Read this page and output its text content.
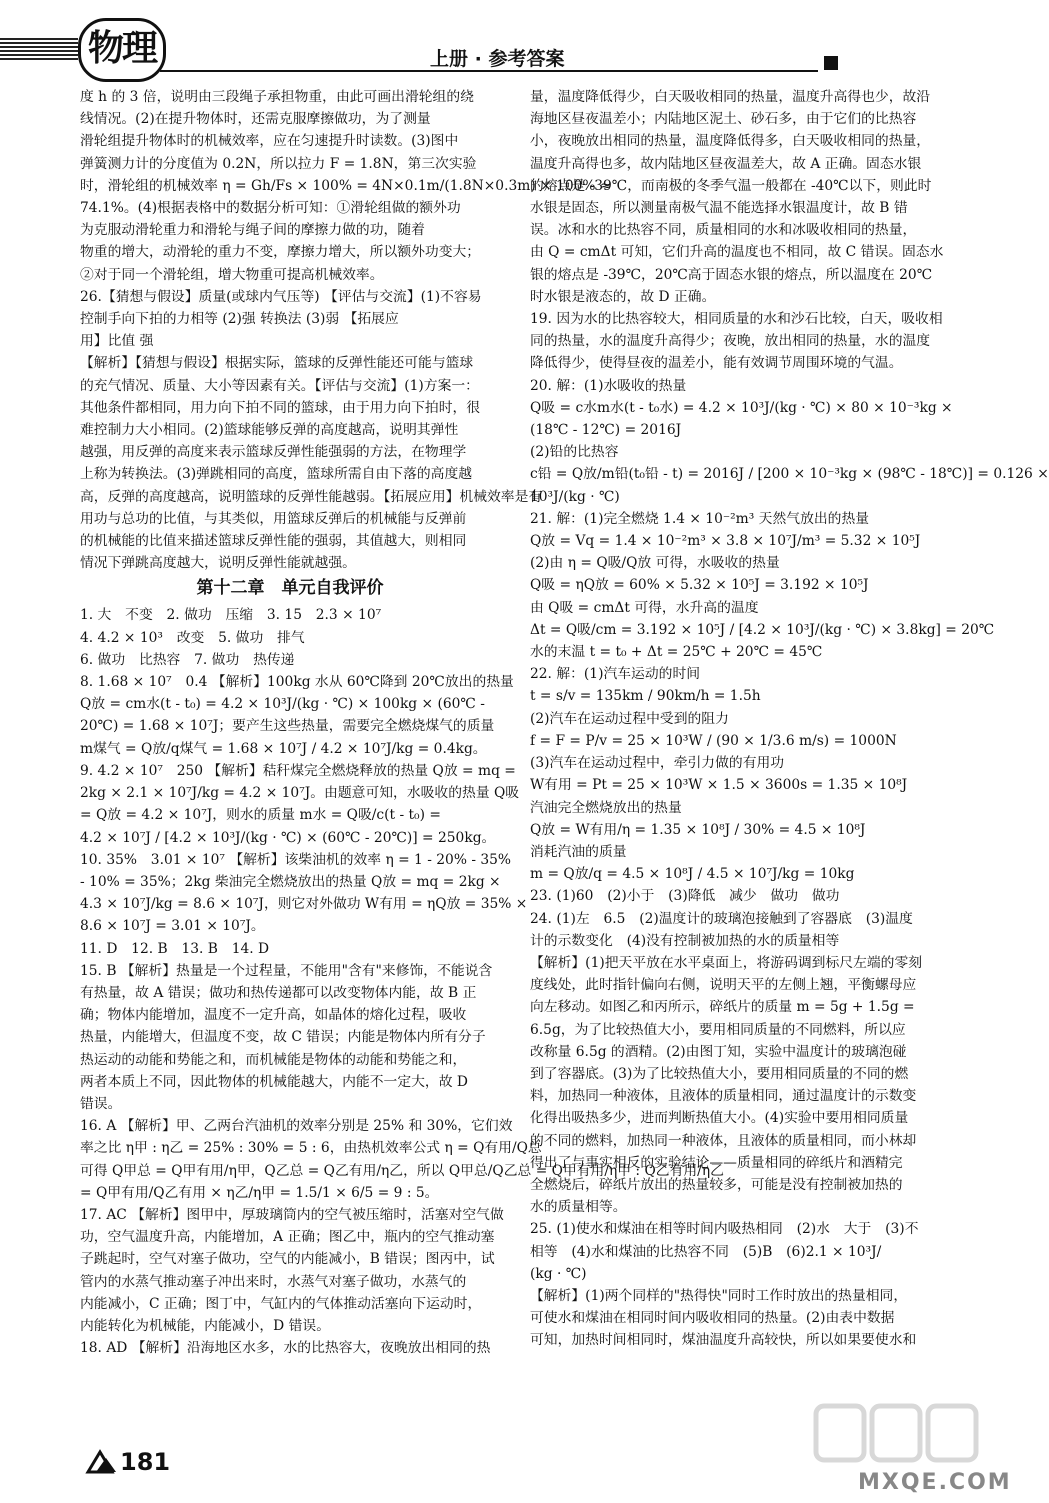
物理	上册 · 参考答案

度 h 的 3 倍，说明由三段绳子承担物重，由此可画出滑轮组的绕

线情况。(2)在提升物体时，还需克服摩擦做功，为了测量

滑轮组提升物体时的机械效率，应在匀速提升时读数。(3)图中

弹簧测力计的分度值为 0.2N，所以拉力 F = 1.8N，第三次实验

时，滑轮组的机械效率 η = Gh/Fs × 100% = 4N×0.1m/(1.8N×0.3m) × 100% ≈

74.1%。(4)根据表格中的数据分析可知：①滑轮组做的额外功

为克服动滑轮重力和滑轮与绳子间的摩擦力做的功，随着

物重的增大，动滑轮的重力不变，摩擦力增大，所以额外功变大；

②对于同一个滑轮组，增大物重可提高机械效率。

26.【猜想与假设】质量(或球内气压等) 【评估与交流】(1)不容易

控制手向下拍的力相等 (2)强 转换法 (3)弱 【拓展应

用】比值 强

【解析】【猜想与假设】根据实际，篮球的反弹性能还可能与篮球

的充气情况、质量、大小等因素有关。【评估与交流】(1)方案一：

其他条件都相同，用力向下拍不同的篮球，由于用力向下拍时，很

难控制力大小相同。(2)篮球能够反弹的高度越高，说明其弹性

越强，用反弹的高度来表示篮球反弹性能强弱的方法，在物理学

上称为转换法。(3)弹跳相同的高度，篮球所需自由下落的高度越

高，反弹的高度越高，说明篮球的反弹性能越弱。【拓展应用】机械效率是有

用功与总功的比值，与其类似，用篮球反弹后的机械能与反弹前

的机械能的比值来描述篮球反弹性能的强弱，其值越大，则相同

情况下弹跳高度越大，说明反弹性能就越强。

第十二章　单元自我评价

1. 大　不变　2. 做功　压缩　3. 15　2.3 × 10⁷

4. 4.2 × 10³　改变　5. 做功　排气

6. 做功　比热容　7. 做功　热传递

8. 1.68 × 10⁷　0.4 【解析】100kg 水从 60℃降到 20℃放出的热量

Q放 = cm水(t - t₀) = 4.2 × 10³J/(kg · ℃) × 100kg × (60℃ -

20℃) = 1.68 × 10⁷J；要产生这些热量，需要完全燃烧煤气的质量

m煤气 = Q放/q煤气 = 1.68 × 10⁷J / 4.2 × 10⁷J/kg = 0.4kg。

9. 4.2 × 10⁷　250 【解析】秸秆煤完全燃烧释放的热量 Q放 = mq =

2kg × 2.1 × 10⁷J/kg = 4.2 × 10⁷J。由题意可知，水吸收的热量 Q吸

= Q放 = 4.2 × 10⁷J，则水的质量 m水 = Q吸/c(t - t₀) =

4.2 × 10⁷J / [4.2 × 10³J/(kg · ℃) × (60℃ - 20℃)] = 250kg。

10. 35%　3.01 × 10⁷ 【解析】该柴油机的效率 η = 1 - 20% - 35%

- 10% = 35%；2kg 柴油完全燃烧放出的热量 Q放 = mq = 2kg ×

4.3 × 10⁷J/kg = 8.6 × 10⁷J，则它对外做功 W有用 = ηQ放 = 35% ×

8.6 × 10⁷J = 3.01 × 10⁷J。

11. D　12. B　13. B　14. D

15. B 【解析】热量是一个过程量，不能用"含有"来修饰，不能说含

有热量，故 A 错误；做功和热传递都可以改变物体内能，故 B 正

确；物体内能增加，温度不一定升高，如晶体的熔化过程，吸收

热量，内能增大，但温度不变，故 C 错误；内能是物体内所有分子

热运动的动能和势能之和，而机械能是物体的动能和势能之和，

两者本质上不同，因此物体的机械能越大，内能不一定大，故 D

错误。

16. A 【解析】甲、乙两台汽油机的效率分别是 25% 和 30%，它们效

率之比 η甲 : η乙 = 25% : 30% = 5 : 6，由热机效率公式 η = Q有用/Q总

可得 Q甲总 = Q甲有用/η甲，Q乙总 = Q乙有用/η乙，所以 Q甲总/Q乙总 = Q甲有用/η甲 : Q乙有用/η乙

= Q甲有用/Q乙有用 × η乙/η甲 = 1.5/1 × 6/5 = 9 : 5。

17. AC 【解析】图甲中，厚玻璃筒内的空气被压缩时，活塞对空气做

功，空气温度升高，内能增加，A 正确；图乙中，瓶内的空气推动塞

子跳起时，空气对塞子做功，空气的内能减小，B 错误；图丙中，试

管内的水蒸气推动塞子冲出来时，水蒸气对塞子做功，水蒸气的

内能减小，C 正确；图丁中，气缸内的气体推动活塞向下运动时，

内能转化为机械能，内能减小，D 错误。

18. AD 【解析】沿海地区水多，水的比热容大，夜晚放出相同的热

量，温度降低得少，白天吸收相同的热量，温度升高得也少，故沿

海地区昼夜温差小；内陆地区泥土、砂石多，由于它们的比热容

小，夜晚放出相同的热量，温度降低得多，白天吸收相同的热量，

温度升高得也多，故内陆地区昼夜温差大，故 A 正确。固态水银

的熔点是 -39℃，而南极的冬季气温一般都在 -40℃以下，则此时

水银是固态，所以测量南极气温不能选择水银温度计，故 B 错

误。冰和水的比热容不同，质量相同的水和冰吸收相同的热量，

由 Q = cmΔt 可知，它们升高的温度也不相同，故 C 错误。固态水

银的熔点是 -39℃，20℃高于固态水银的熔点，所以温度在 20℃

时水银是液态的，故 D 正确。

19. 因为水的比热容较大，相同质量的水和沙石比较，白天，吸收相

同的热量，水的温度升高得少；夜晚，放出相同的热量，水的温度

降低得少，使得昼夜的温差小，能有效调节周围环境的气温。

20. 解：(1)水吸收的热量

Q吸 = c水m水(t - t₀水) = 4.2 × 10³J/(kg · ℃) × 80 × 10⁻³kg ×

(18℃ - 12℃) = 2016J

(2)铅的比热容

c铅 = Q放/m铅(t₀铅 - t) = 2016J / [200 × 10⁻³kg × (98℃ - 18℃)] = 0.126 ×

10³J/(kg · ℃)

21. 解：(1)完全燃烧 1.4 × 10⁻²m³ 天然气放出的热量

Q放 = Vq = 1.4 × 10⁻²m³ × 3.8 × 10⁷J/m³ = 5.32 × 10⁵J

(2)由 η = Q吸/Q放 可得，水吸收的热量

Q吸 = ηQ放 = 60% × 5.32 × 10⁵J = 3.192 × 10⁵J

由 Q吸 = cmΔt 可得，水升高的温度

Δt = Q吸/cm = 3.192 × 10⁵J / [4.2 × 10³J/(kg · ℃) × 3.8kg] = 20℃

水的末温 t = t₀ + Δt = 25℃ + 20℃ = 45℃

22. 解：(1)汽车运动的时间

t = s/v = 135km / 90km/h = 1.5h

(2)汽车在运动过程中受到的阻力

f = F = P/v = 25 × 10³W / (90 × 1/3.6 m/s) = 1000N

(3)汽车在运动过程中，牵引力做的有用功

W有用 = Pt = 25 × 10³W × 1.5 × 3600s = 1.35 × 10⁸J

汽油完全燃烧放出的热量

Q放 = W有用/η = 1.35 × 10⁸J / 30% = 4.5 × 10⁸J

消耗汽油的质量

m = Q放/q = 4.5 × 10⁸J / 4.5 × 10⁷J/kg = 10kg

23. (1)60　(2)小于　(3)降低　减少　做功　做功

24. (1)左　6.5　(2)温度计的玻璃泡接触到了容器底　(3)温度

计的示数变化　(4)没有控制被加热的水的质量相等

【解析】(1)把天平放在水平桌面上，将游码调到标尺左端的零刻

度线处，此时指针偏向右侧，说明天平的左侧上翘，平衡螺母应

向左移动。如图乙和丙所示，碎纸片的质量 m = 5g + 1.5g =

6.5g，为了比较热值大小，要用相同质量的不同燃料，所以应

改称量 6.5g 的酒精。(2)由图丁知，实验中温度计的玻璃泡碰

到了容器底。(3)为了比较热值大小，要用相同质量的不同的燃

料，加热同一种液体，且液体的质量相同，通过温度计的示数变

化得出吸热多少，进而判断热值大小。(4)实验中要用相同质量

的不同的燃料，加热同一种液体，且液体的质量相同，而小林却

得出了与事实相反的实验结论——质量相同的碎纸片和酒精完

全燃烧后，碎纸片放出的热量较多，可能是没有控制被加热的

水的质量相等。

25. (1)使水和煤油在相等时间内吸热相同　(2)水　大于　(3)不

相等　(4)水和煤油的比热容不同　(5)B　(6)2.1 × 10³J/

(kg · ℃)

【解析】(1)两个同样的"热得快"同时工作时放出的热量相同，

可使水和煤油在相同时间内吸收相同的热量。(2)由表中数据

可知，加热时间相同时，煤油温度升高较快，所以如果要使水和

181
MXQE.COM
